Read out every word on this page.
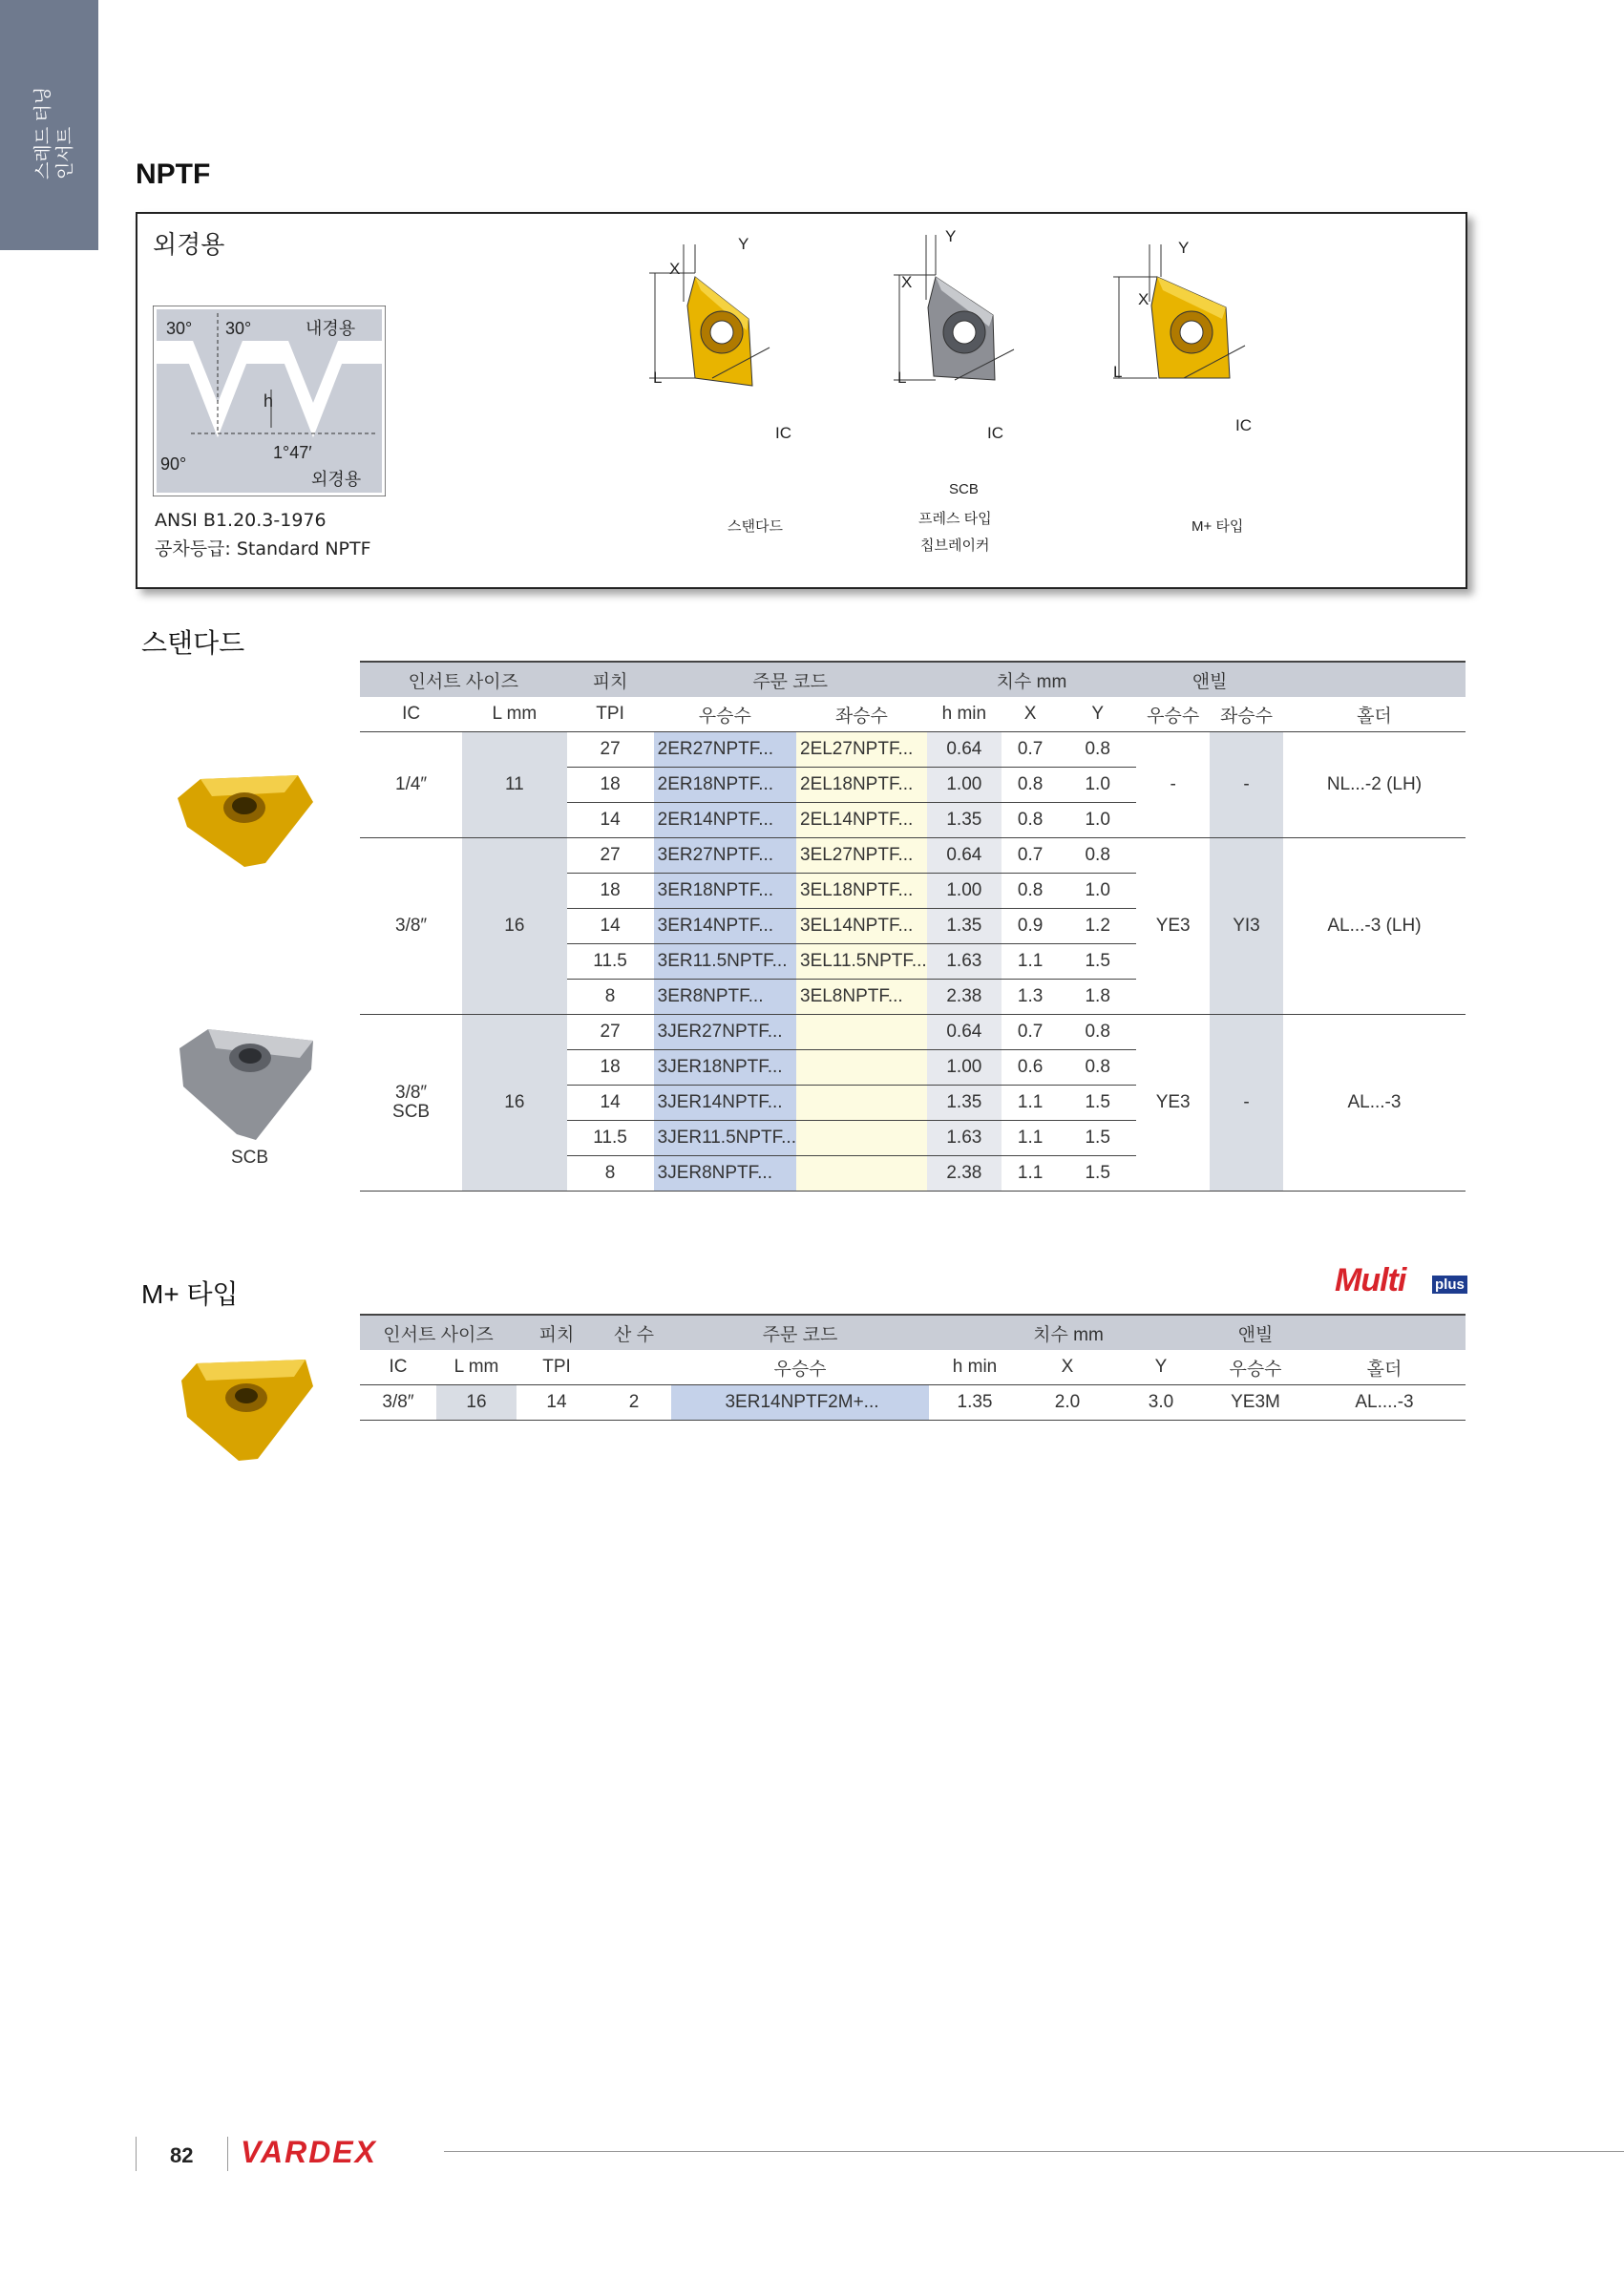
스레드 터닝 인서트 NPTF
외경용
30° 30°	내경용
h
1°47′
90°
외경용
ANSI B1.20.3-1976
공차등급: Standard NPTF
Y
X
L
IC
스탠다드
Y
X
L
IC
SCB
프레스 타입
칩브레이커
Y
X
L
IC
M+ 타입
스탠다드
SCB
인서트 사이즈		피치	주문 코드		치수 mm			앤빌		
IC	L mm	TPI	우승수	좌승수	h min	X	Y	우승수	좌승수	홀더
1/4″	11	27	2ER27NPTF...	2EL27NPTF...	0.64	0.7	0.8	-	-	NL...-2 (LH)
		18	2ER18NPTF...	2EL18NPTF...	1.00	0.8	1.0			
		14	2ER14NPTF...	2EL14NPTF...	1.35	0.8	1.0			
3/8″	16	27	3ER27NPTF...	3EL27NPTF...	0.64	0.7	0.8	YE3	YI3	AL...-3 (LH)
		18	3ER18NPTF...	3EL18NPTF...	1.00	0.8	1.0			
		14	3ER14NPTF...	3EL14NPTF...	1.35	0.9	1.2			
		11.5	3ER11.5NPTF...	3EL11.5NPTF...	1.63	1.1	1.5			
		8	3ER8NPTF...	3EL8NPTF...	2.38	1.3	1.8			

3/8″
SCB	16	27	3JER27NPTF...		0.64	0.7	0.8	YE3	-	AL...-3
		18	3JER18NPTF...		1.00	0.6	0.8			
		14	3JER14NPTF...		1.35	1.1	1.5			
		11.5	3JER11.5NPTF...		1.63	1.1	1.5			
		8	3JER8NPTF...		2.38	1.1	1.5			
M+ 타입	Multi plus
인서트 사이즈		피치	산 수	주문 코드	치수 mm			앤빌	
IC	L mm	TPI		우승수	h min	X	Y	우승수	홀더
3/8″	16	14	2	3ER14NPTF2M+...	1.35	2.0	3.0	YE3M	AL....-3
82 VARDEX
